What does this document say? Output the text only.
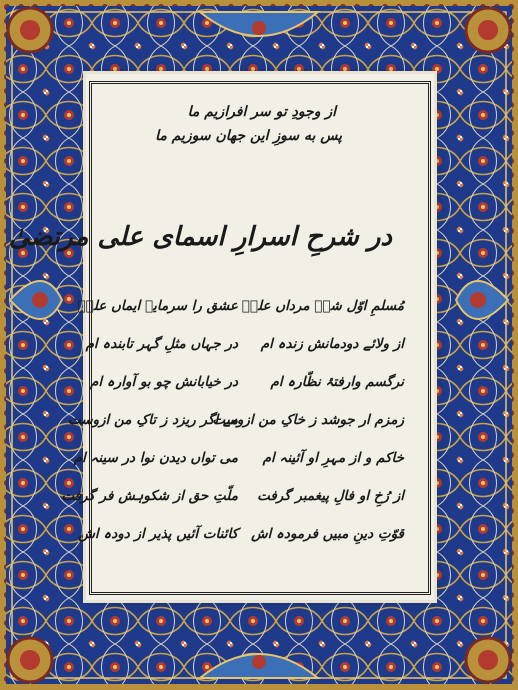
از وجودِ تو سر افرازیم ما
پس به سوزِ این جهان سوزیم ما
در شرحِ اسرارِ اسمای علی مرتضیٰ
مُسلمِ اوّل شہِ مرداں علیؓ
عشق را سرمایۂ ایماں علیؓ
از ولائے دودمانش زندہ ام
در جہاں مثلِ گہر تابندہ ام
نرگسم وارفتۂ نظّارہ ام
در خیابانش چو بو آوارہ ام
زمزم ار جوشد ز خاکِ من ازوست
مے اگر ریزد ز تاکِ من ازوست
خاکم و از مہرِ او آئینہ ام
می تواں دیدن نوا در سینہ ام
از رُخِ او فالِ پیغمبر گرفت
ملّتِ حق از شکوہش فر گرفت
قوّتِ دینِ مبیں فرمودہ اش
کائنات آئیں پذیر از دودہ اش
